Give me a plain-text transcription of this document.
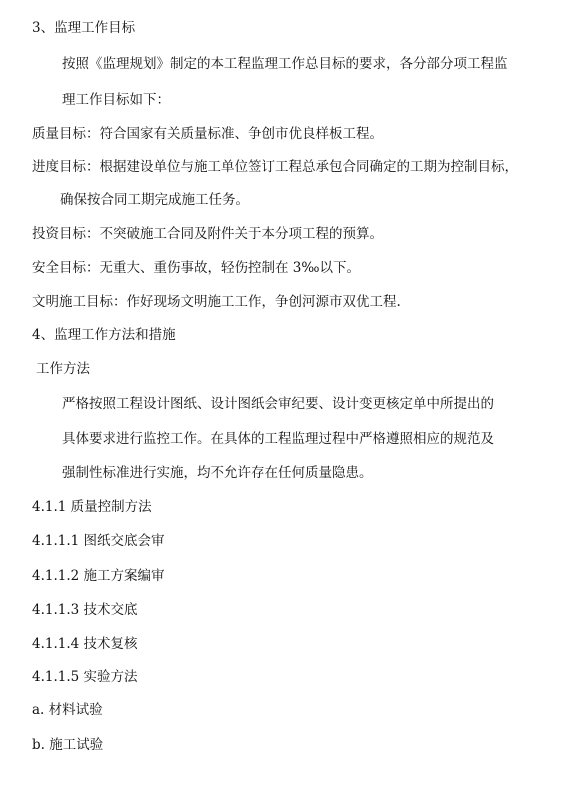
3、监理工作目标
按照《监理规划》制定的本工程监理工作总目标的要求，各分部分项工程监
理工作目标如下：
质量目标：符合国家有关质量标准、争创市优良样板工程。
进度目标：根据建设单位与施工单位签订工程总承包合同确定的工期为控制目标，
确保按合同工期完成施工任务。
投资目标：不突破施工合同及附件关于本分项工程的预算。
安全目标：无重大、重伤事故，轻伤控制在 3‰以下。
文明施工目标：作好现场文明施工工作，争创河源市双优工程.
4、监理工作方法和措施
工作方法
严格按照工程设计图纸、设计图纸会审纪要、设计变更核定单中所提出的
具体要求进行监控工作。在具体的工程监理过程中严格遵照相应的规范及
强制性标准进行实施，均不允许存在任何质量隐患。
4.1.1 质量控制方法
4.1.1.1 图纸交底会审
4.1.1.2 施工方案编审
4.1.1.3 技术交底
4.1.1.4 技术复核
4.1.1.5 实验方法
a. 材料试验
b. 施工试验
